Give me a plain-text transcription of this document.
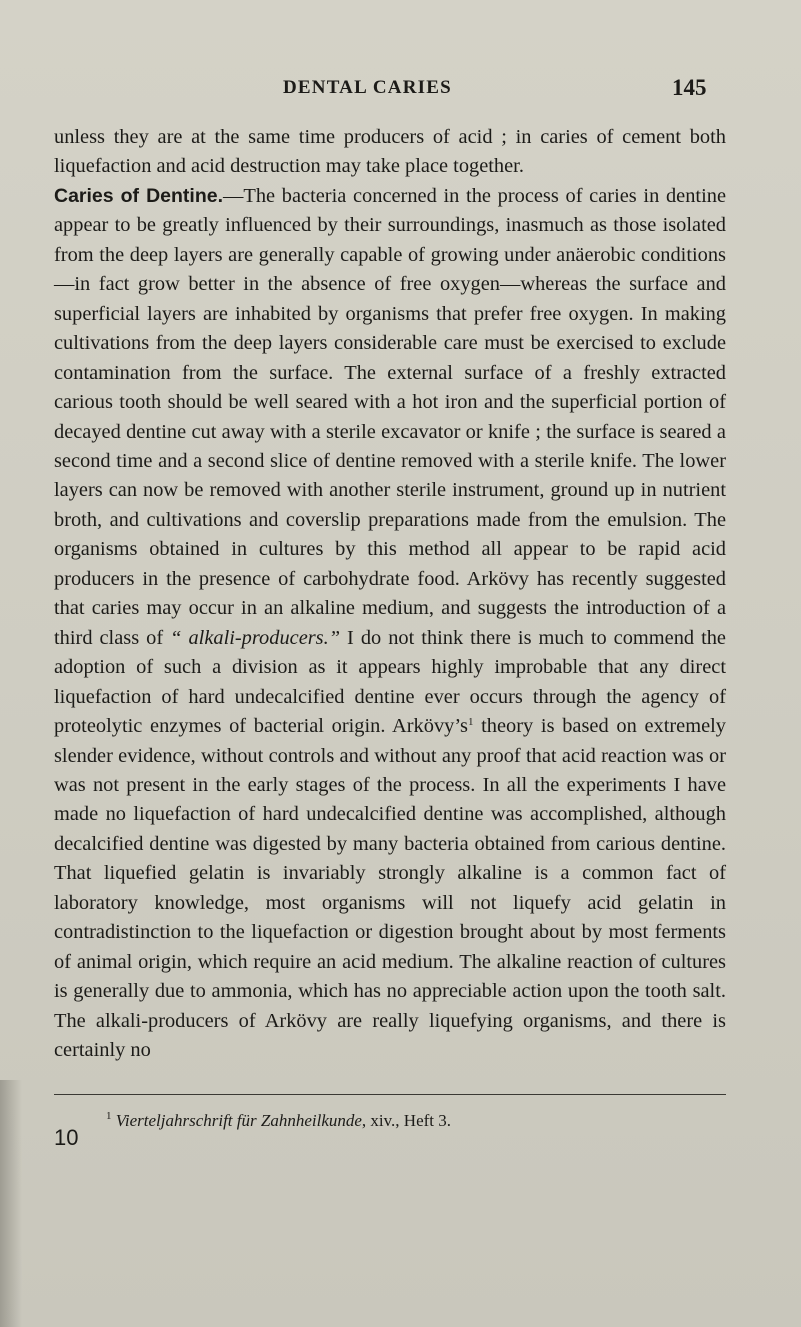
DENTAL CARIES	145

unless they are at the same time producers of acid ; in caries of cement both liquefaction and acid destruction may take place together.

Caries of Dentine.—The bacteria concerned in the process of caries in dentine appear to be greatly influenced by their surroundings, inasmuch as those isolated from the deep layers are generally capable of growing under anäerobic conditions—in fact grow better in the absence of free oxygen—whereas the surface and superficial layers are inhabited by organisms that prefer free oxygen. In making cultivations from the deep layers considerable care must be exercised to exclude contamination from the surface. The external surface of a freshly extracted carious tooth should be well seared with a hot iron and the superficial portion of decayed dentine cut away with a sterile excavator or knife ; the surface is seared a second time and a second slice of dentine removed with a sterile knife. The lower layers can now be removed with another sterile instrument, ground up in nutrient broth, and cultivations and coverslip preparations made from the emulsion. The organisms obtained in cultures by this method all appear to be rapid acid producers in the presence of carbohydrate food. Arkövy has recently suggested that caries may occur in an alkaline medium, and suggests the introduction of a third class of “ alkali-producers.” I do not think there is much to commend the adoption of such a division as it appears highly improbable that any direct liquefaction of hard undecalcified dentine ever occurs through the agency of proteolytic enzymes of bacterial origin. $Arkövy’s^1$ theory is based on extremely slender evidence, without controls and without any proof that acid reaction was or was not present in the early stages of the process. In all the experiments I have made no liquefaction of hard undecalcified dentine was accomplished, although decalcified dentine was digested by many bacteria obtained from carious dentine. That liquefied gelatin is invariably strongly alkaline is a common fact of laboratory knowledge, most organisms will not liquefy acid gelatin in contradistinction to the liquefaction or digestion brought about by most ferments of animal origin, which require an acid medium. The alkaline reaction of cultures is generally due to ammonia, which has no appreciable action upon the tooth salt. The alkali-producers of Arkövy are really liquefying organisms, and there is certainly no

$^1$ Vierteljahrschrift für Zahnheilkunde, xiv., Heft 3.
10
